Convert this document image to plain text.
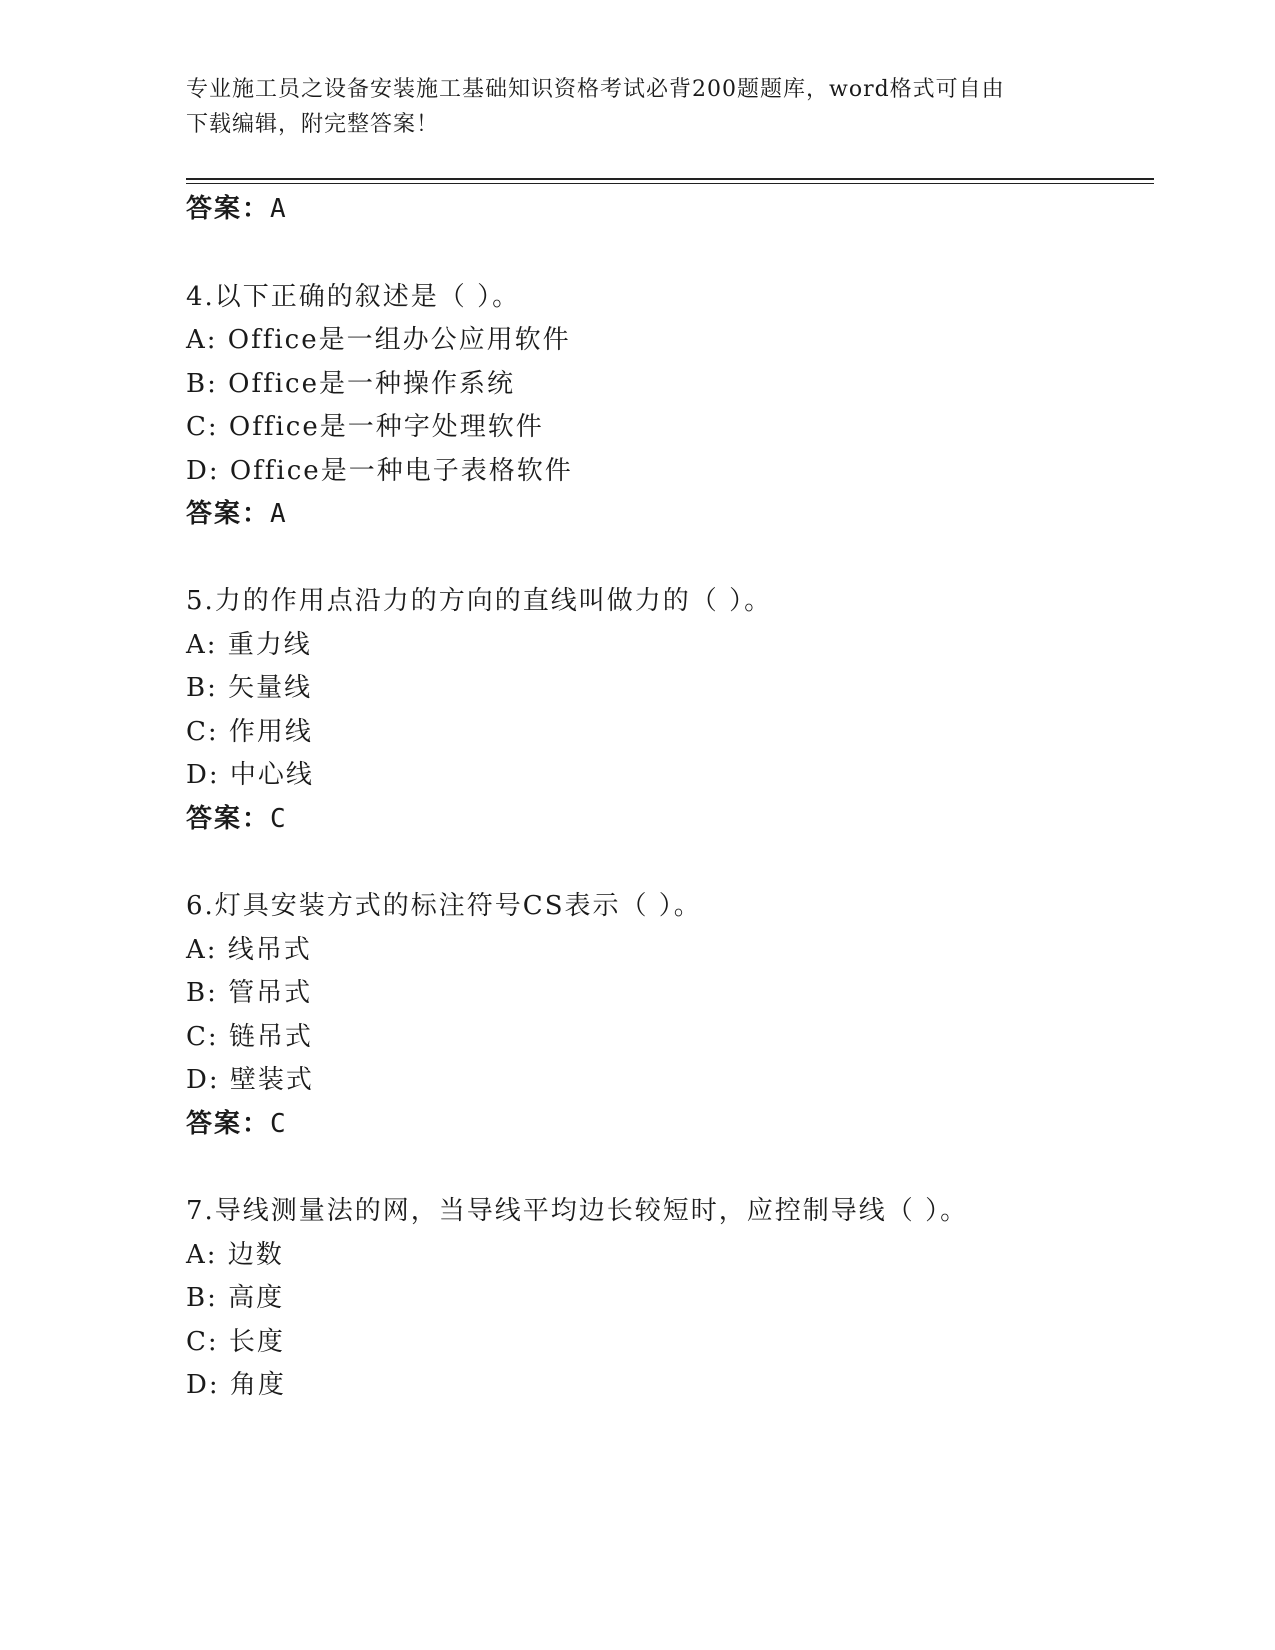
专业施工员之设备安装施工基础知识资格考试必背200题题库，word格式可自由
下载编辑，附完整答案！
答案：A
4.以下正确的叙述是（ ）。
A: Office是一组办公应用软件
B: Office是一种操作系统
C: Office是一种字处理软件
D: Office是一种电子表格软件
答案：A
5.力的作用点沿力的方向的直线叫做力的（ ）。
A: 重力线
B: 矢量线
C: 作用线
D: 中心线
答案：C
6.灯具安装方式的标注符号CS表示（ ）。
A: 线吊式
B: 管吊式
C: 链吊式
D: 壁装式
答案：C
7.导线测量法的网，当导线平均边长较短时，应控制导线（ ）。
A: 边数
B: 高度
C: 长度
D: 角度
